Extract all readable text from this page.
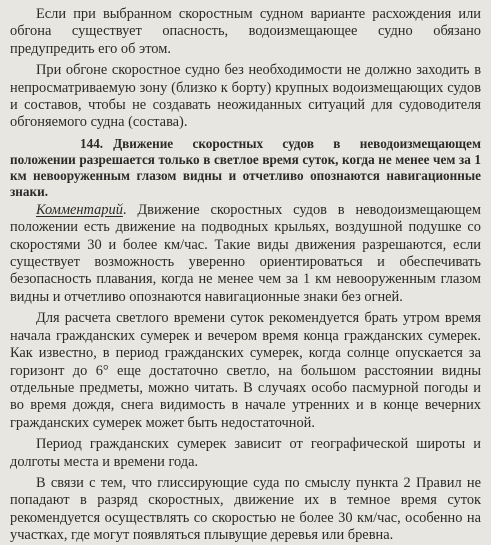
Если при выбранном скоростным судном варианте расхождения или обгона существует опасность, водоизмещающее судно обязано предупредить его об этом.

При обгоне скоростное судно без необходимости не должно заходить в непросматриваемую зону (близко к борту) крупных водоизмещающих судов и составов, чтобы не создавать неожиданных ситуаций для судоводителя обгоняемого судна (состава).

144. Движение скоростных судов в неводоизмещающем положении разрешается только в светлое время суток, когда не менее чем за 1 км невооруженным глазом видны и отчетливо опознаются навигационные знаки.

Комментарий. Движение скоростных судов в неводоизмещающем положении есть движение на подводных крыльях, воздушной подушке со скоростями 30 и более км/час. Такие виды движения разрешаются, если существует возможность уверенно ориентироваться и обеспечивать безопасность плавания, когда не менее чем за 1 км невооруженным глазом видны и отчетливо опознаются навигационные знаки без огней.

Для расчета светлого времени суток рекомендуется брать утром время начала гражданских сумерек и вечером время конца гражданских сумерек. Как известно, в период гражданских сумерек, когда солнце опускается за горизонт до 6° еще достаточно светло, на большом расстоянии видны отдельные предметы, можно читать. В случаях особо пасмурной погоды и во время дождя, снега видимость в начале утренних и в конце вечерних гражданских сумерек может быть недостаточной.

Период гражданских сумерек зависит от географической широты и долготы места и времени года.

В связи с тем, что глиссирующие суда по смыслу пункта 2 Правил не попадают в разряд скоростных, движение их в темное время суток рекомендуется осуществлять со скоростью не более 30 км/час, особенно на участках, где могут появляться плывущие деревья или бревна.
